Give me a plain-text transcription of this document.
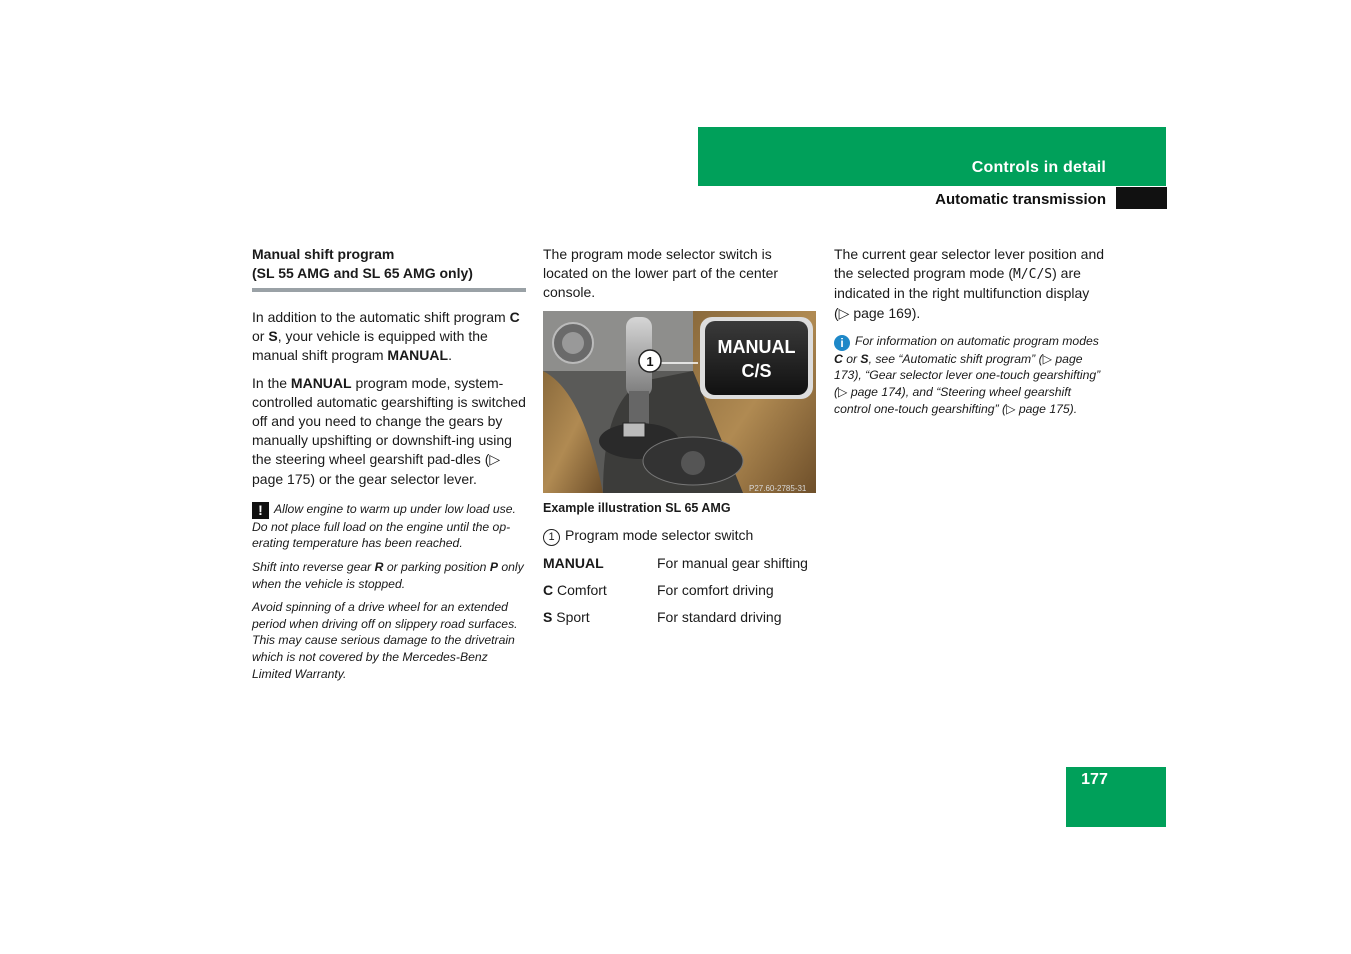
Controls in detail
Automatic transmission
Manual shift program
(SL 55 AMG and SL 65 AMG only)

In addition to the automatic shift program C or S, your vehicle is equipped with the manual shift program MANUAL.

In the MANUAL program mode, system-controlled automatic gearshifting is switched off and you need to change the gears by manually upshifting or downshift-ing using the steering wheel gearshift pad-dles (▷ page 175) or the gear selector lever.

! Allow engine to warm up under low load use. Do not place full load on the engine until the op-erating temperature has been reached.

Shift into reverse gear R or parking position P only when the vehicle is stopped.

Avoid spinning of a drive wheel for an extended period when driving off on slippery road surfaces. This may cause serious damage to the drivetrain which is not covered by the Mercedes-Benz Limited Warranty.

The program mode selector switch is located on the lower part of the center console.

1
MANUAL
C/S
P27.60-2785-31

Example illustration SL 65 AMG

1 Program mode selector switch

MANUAL	For manual gear shifting
C Comfort	For comfort driving
S Sport	For standard driving

The current gear selector lever position and the selected program mode (M/C/S) are indicated in the right multifunction display (▷ page 169).

i For information on automatic program modes C or S, see “Automatic shift program” (▷ page 173), “Gear selector lever one-touch gearshifting” (▷ page 174), and “Steering wheel gearshift control one-touch gearshifting” (▷ page 175).

177
